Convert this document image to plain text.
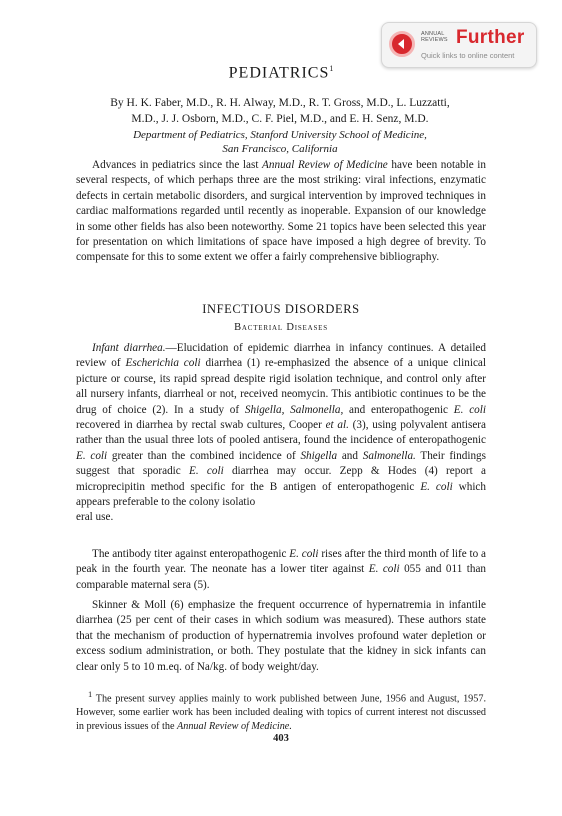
ANNUAL
REVIEWS Further
Quick links to online content
PEDIATRICS$^1$
By H. K. Faber, M.D., R. H. Alway, M.D., R. T. Gross, M.D., L. Luzzatti,
M.D., J. J. Osborn, M.D., C. F. Piel, M.D., and E. H. Senz, M.D.
Department of Pediatrics, Stanford University School of Medicine,
San Francisco, California
Advances in pediatrics since the last Annual Review of Medicine have been notable in several respects, of which perhaps three are the most striking: viral infections, enzymatic defects in certain metabolic disorders, and surgical intervention by improved techniques in cardiac malformations regarded until recently as inoperable. Expansion of our knowledge in some other fields has also been noteworthy. Some 21 topics have been selected this year for presentation on which limitations of space have imposed a high degree of brevity. To compensate for this to some extent we offer a fairly comprehensive bibliography.
INFECTIOUS DISORDERS
Bacterial Diseases
Infant diarrhea.—Elucidation of epidemic diarrhea in infancy continues. A detailed review of Escherichia coli diarrhea (1) re-emphasized the absence of a unique clinical picture or course, its rapid spread despite rigid isolation technique, and control only after all nursery infants, diarrheal or not, received neomycin. This antibiotic continues to be the drug of choice (2). In a study of Shigella, Salmonella, and enteropathogenic E. coli recovered in diarrhea by rectal swab cultures, Cooper et al. (3), using polyvalent antisera rather than the usual three lots of pooled antisera, found the incidence of enteropathogenic E. coli greater than the combined incidence of Shigella and Salmonella. Their findings suggest that sporadic E. coli diarrhea may occur. Zepp & Hodes (4) report a microprecipitin method specific for the B antigen of enteropathogenic E. coli which appears preferable to the colony isolatio
eral use.
The antibody titer against enteropathogenic E. coli rises after the third month of life to a peak in the fourth year. The neonate has a lower titer against E. coli 055 and 011 than comparable maternal sera (5).
Skinner & Moll (6) emphasize the frequent occurrence of hypernatremia in infantile diarrhea (25 per cent of their cases in which sodium was measured). These authors state that the mechanism of production of hypernatremia involves profound water depletion or excess sodium administration, or both. They postulate that the kidney in sick infants can clear only 5 to 10 m.eq. of Na/kg. of body weight/day.
$^1$ The present survey applies mainly to work published between June, 1956 and August, 1957. However, some earlier work has been included dealing with topics of current interest not discussed in previous issues of the Annual Review of Medicine.
403
